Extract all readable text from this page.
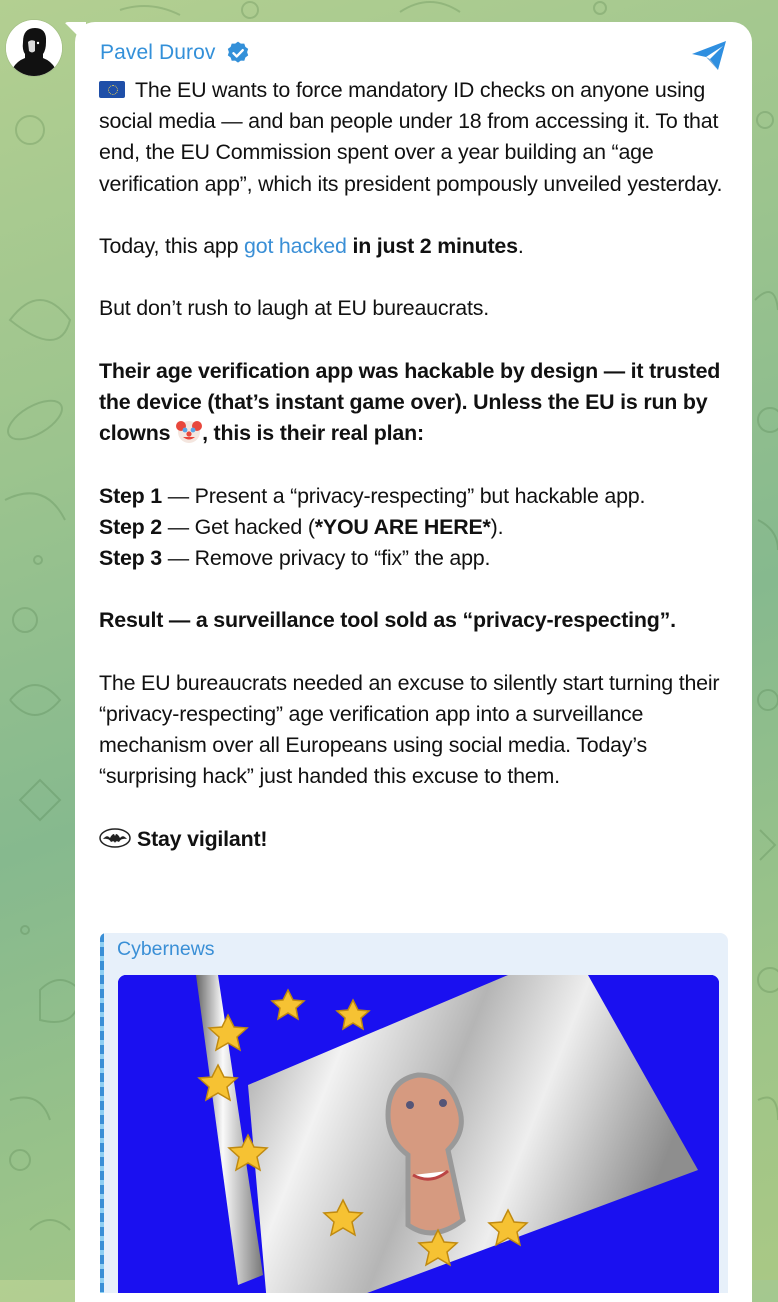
Pavel Durov

The EU wants to force mandatory ID checks on anyone using social media — and ban people under 18 from accessing it. To that end, the EU Commission spent over a year building an “age verification app”, which its president pompously unveiled yesterday.

Today, this app got hacked in just 2 minutes.

But don’t rush to laugh at EU bureaucrats.

Their age verification app was hackable by design — it trusted the device (that’s instant game over). Unless the EU is run by clowns , this is their real plan:

Step 1 — Present a “privacy-respecting” but hackable app.
Step 2 — Get hacked (*YOU ARE HERE*).
Step 3 — Remove privacy to “fix” the app.

Result — a surveillance tool sold as “privacy-respecting”.

The EU bureaucrats needed an excuse to silently start turning their “privacy-respecting” age verification app into a surveillance mechanism over all Europeans using social media. Today’s “surprising hack” just handed this excuse to them.

Stay vigilant!

Cybernews
